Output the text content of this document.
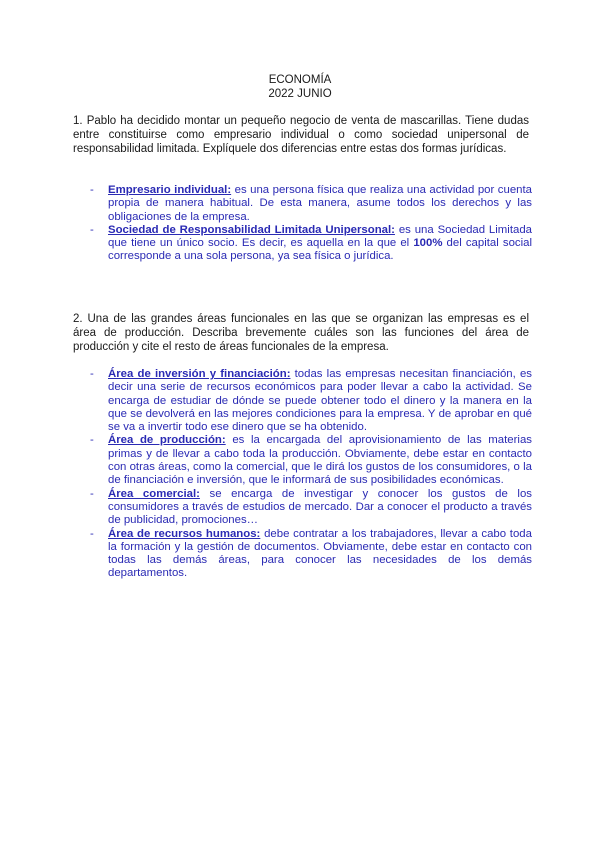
ECONOMÍA
2022 JUNIO
1. Pablo ha decidido montar un pequeño negocio de venta de mascarillas. Tiene dudas entre constituirse como empresario individual o como sociedad unipersonal de responsabilidad limitada. Explíquele dos diferencias entre estas dos formas jurídicas.
- Empresario individual: es una persona física que realiza una actividad por cuenta propia de manera habitual. De esta manera, asume todos los derechos y las obligaciones de la empresa.
- Sociedad de Responsabilidad Limitada Unipersonal: es una Sociedad Limitada que tiene un único socio. Es decir, es aquella en la que el 100% del capital social corresponde a una sola persona, ya sea física o jurídica.
2. Una de las grandes áreas funcionales en las que se organizan las empresas es el área de producción. Describa brevemente cuáles son las funciones del área de producción y cite el resto de áreas funcionales de la empresa.
- Área de inversión y financiación: todas las empresas necesitan financiación, es decir una serie de recursos económicos para poder llevar a cabo la actividad. Se encarga de estudiar de dónde se puede obtener todo el dinero y la manera en la que se devolverá en las mejores condiciones para la empresa. Y de aprobar en qué se va a invertir todo ese dinero que se ha obtenido.
- Área de producción: es la encargada del aprovisionamiento de las materias primas y de llevar a cabo toda la producción. Obviamente, debe estar en contacto con otras áreas, como la comercial, que le dirá los gustos de los consumidores, o la de financiación e inversión, que le informará de sus posibilidades económicas.
- Área comercial: se encarga de investigar y conocer los gustos de los consumidores a través de estudios de mercado. Dar a conocer el producto a través de publicidad, promociones…
- Área de recursos humanos: debe contratar a los trabajadores, llevar a cabo toda la formación y la gestión de documentos. Obviamente, debe estar en contacto con todas las demás áreas, para conocer las necesidades de los demás departamentos.
